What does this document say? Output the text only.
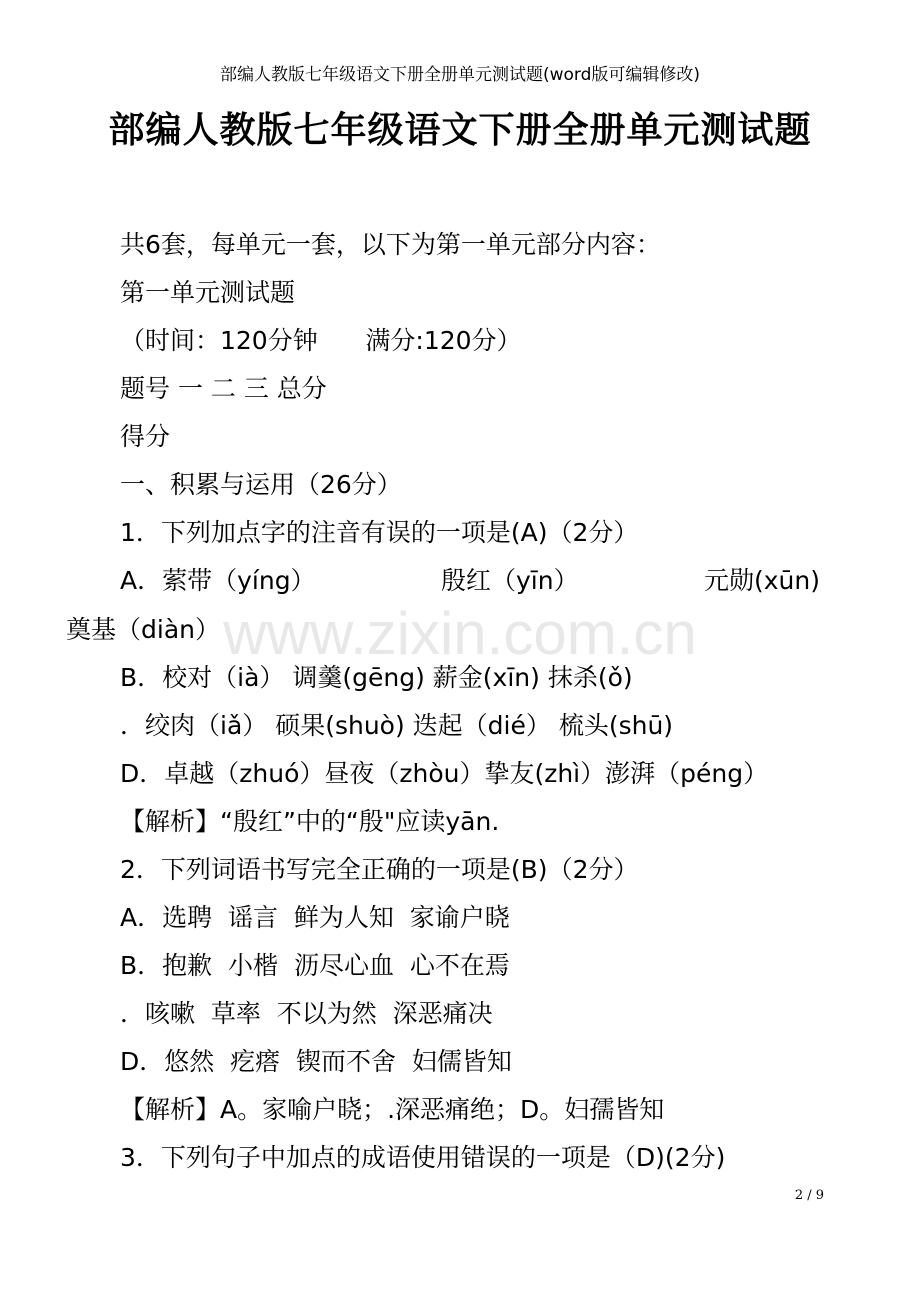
部编人教版七年级语文下册全册单元测试题(word版可编辑修改)
部编人教版七年级语文下册全册单元测试题
共6套，每单元一套，以下为第一单元部分内容：
第一单元测试题
（时间：120分钟      满分:120分）
题号 一 二 三 总分
得分
一、积累与运用（26分）
1．下列加点字的注音有误的一项是(A)（2分）
A．萦带（yíng）	殷红（yīn）	元勋(xūn)
奠基（diàn） www.zixin.com.cn
B．校对（ià） 调羹(gēng) 薪金(xīn) 抹杀(ǒ)
．绞肉（iǎ） 硕果(shuò) 迭起（dié） 梳头(shū)
D．卓越（zhuó）昼夜（zhòu）挚友(zhì）澎湃（péng）
【解析】“殷红”中的“殷"应读yān.
2．下列词语书写完全正确的一项是(B)（2分）
A．选聘  谣言  鲜为人知  家谕户晓
B．抱歉  小楷  沥尽心血  心不在焉
．咳嗽  草率  不以为然  深恶痛决
D．悠然  疙瘩  锲而不舍  妇儒皆知
【解析】A。家喻户晓；.深恶痛绝；D。妇孺皆知
3．下列句子中加点的成语使用错误的一项是（D)(2分)
2 / 9
